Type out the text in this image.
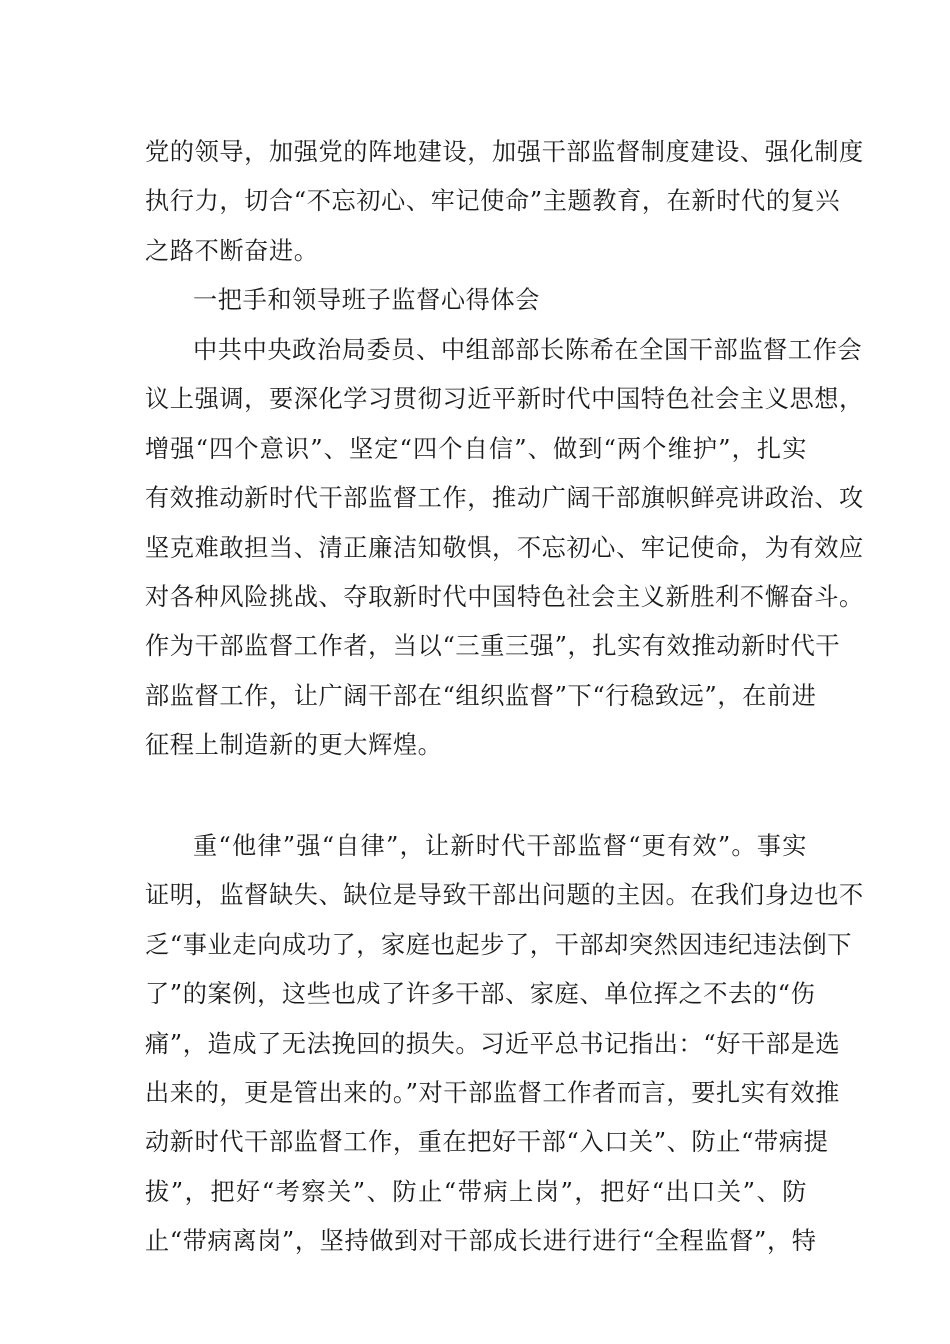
党的领导，加强党的阵地建设，加强干部监督制度建设、强化制度
执行力，切合“不忘初心、牢记使命”主题教育，在新时代的复兴
之路不断奋进。
一把手和领导班子监督心得体会
中共中央政治局委员、中组部部长陈希在全国干部监督工作会
议上强调，要深化学习贯彻习近平新时代中国特色社会主义思想，
增强“四个意识”、坚定“四个自信”、做到“两个维护”，扎实
有效推动新时代干部监督工作，推动广阔干部旗帜鲜亮讲政治、攻
坚克难敢担当、清正廉洁知敬惧，不忘初心、牢记使命，为有效应
对各种风险挑战、夺取新时代中国特色社会主义新胜利不懈奋斗。
作为干部监督工作者，当以“三重三强”，扎实有效推动新时代干
部监督工作，让广阔干部在“组织监督”下“行稳致远”，在前进
征程上制造新的更大辉煌。
重“他律”强“自律”，让新时代干部监督“更有效”。事实
证明，监督缺失、缺位是导致干部出问题的主因。在我们身边也不
乏“事业走向成功了，家庭也起步了，干部却突然因违纪违法倒下
了”的案例，这些也成了许多干部、家庭、单位挥之不去的“伤
痛”，造成了无法挽回的损失。习近平总书记指出：“好干部是选
出来的，更是管出来的。”对干部监督工作者而言，要扎实有效推
动新时代干部监督工作，重在把好干部“入口关”、防止“带病提
拔”，把好“考察关”、防止“带病上岗”，把好“出口关”、防
止“带病离岗”，坚持做到对干部成长进行进行“全程监督”，特
